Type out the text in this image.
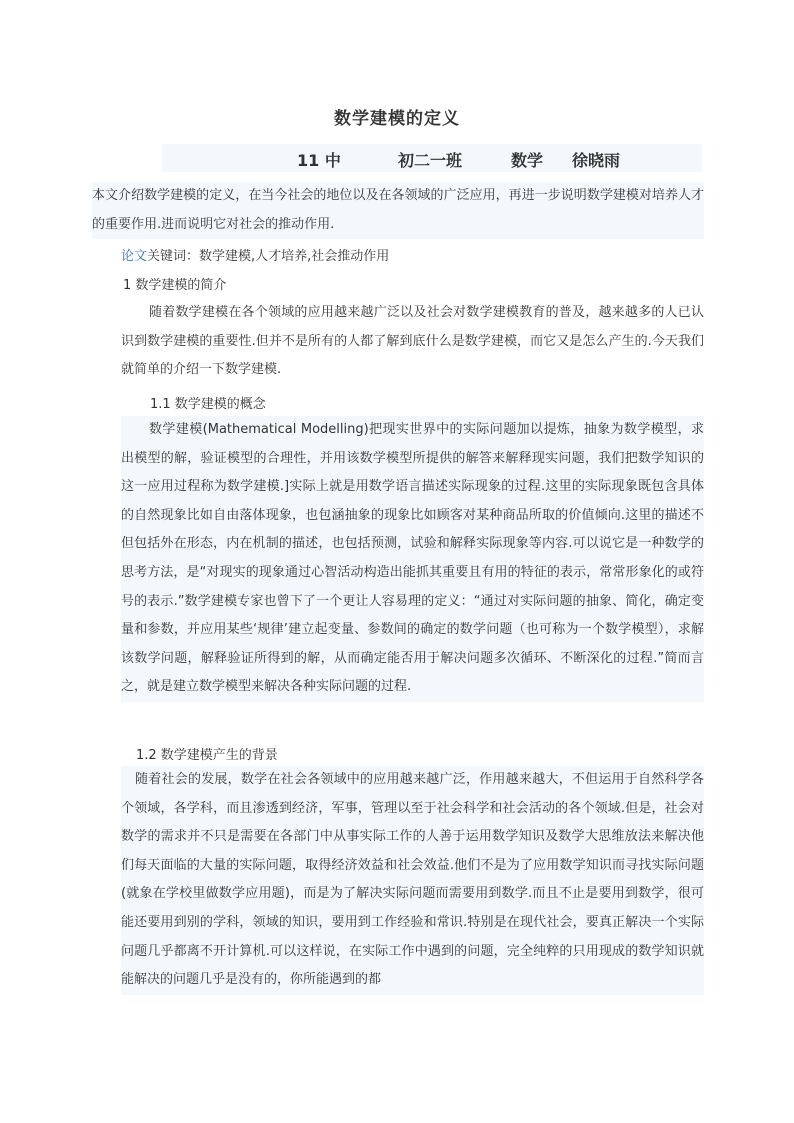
数学建模的定义
11 中	初二一班	数学 徐晓雨
本文介绍数学建模的定义，在当今社会的地位以及在各领域的广泛应用，再进一步说明数学建模对培养人才的重要作用.进而说明它对社会的推动作用.
论文关键词：数学建模,人才培养,社会推动作用
1 数学建模的简介
随着数学建模在各个领域的应用越来越广泛以及社会对数学建模教育的普及，越来越多的人已认识到数学建模的重要性.但并不是所有的人都了解到底什么是数学建模，而它又是怎么产生的.今天我们就简单的介绍一下数学建模.
1.1 数学建模的概念
数学建模(Mathematical Modelling)把现实世界中的实际问题加以提炼，抽象为数学模型，求出模型的解，验证模型的合理性，并用该数学模型所提供的解答来解释现实问题，我们把数学知识的这一应用过程称为数学建模.]实际上就是用数学语言描述实际现象的过程.这里的实际现象既包含具体的自然现象比如自由落体现象，也包涵抽象的现象比如顾客对某种商品所取的价值倾向.这里的描述不但包括外在形态，内在机制的描述，也包括预测，试验和解释实际现象等内容.可以说它是一种数学的思考方法，是“对现实的现象通过心智活动构造出能抓其重要且有用的特征的表示，常常形象化的或符号的表示.”数学建模专家也曾下了一个更让人容易理的定义：“通过对实际问题的抽象、简化，确定变量和参数，并应用某些‘规律’建立起变量、参数间的确定的数学问题（也可称为一个数学模型），求解该数学问题，解释验证所得到的解，从而确定能否用于解决问题多次循环、不断深化的过程.”简而言之，就是建立数学模型来解决各种实际问题的过程.
1.2 数学建模产生的背景
随着社会的发展，数学在社会各领域中的应用越来越广泛，作用越来越大，不但运用于自然科学各个领域，各学科，而且渗透到经济，军事，管理以至于社会科学和社会活动的各个领域.但是，社会对数学的需求并不只是需要在各部门中从事实际工作的人善于运用数学知识及数学大思维放法来解决他们每天面临的大量的实际问题，取得经济效益和社会效益.他们不是为了应用数学知识而寻找实际问题(就象在学校里做数学应用题)，而是为了解决实际问题而需要用到数学.而且不止是要用到数学，很可能还要用到别的学科，领域的知识，要用到工作经验和常识.特别是在现代社会，要真正解决一个实际问题几乎都离不开计算机.可以这样说，在实际工作中遇到的问题，完全纯粹的只用现成的数学知识就能解决的问题几乎是没有的，你所能遇到的都
